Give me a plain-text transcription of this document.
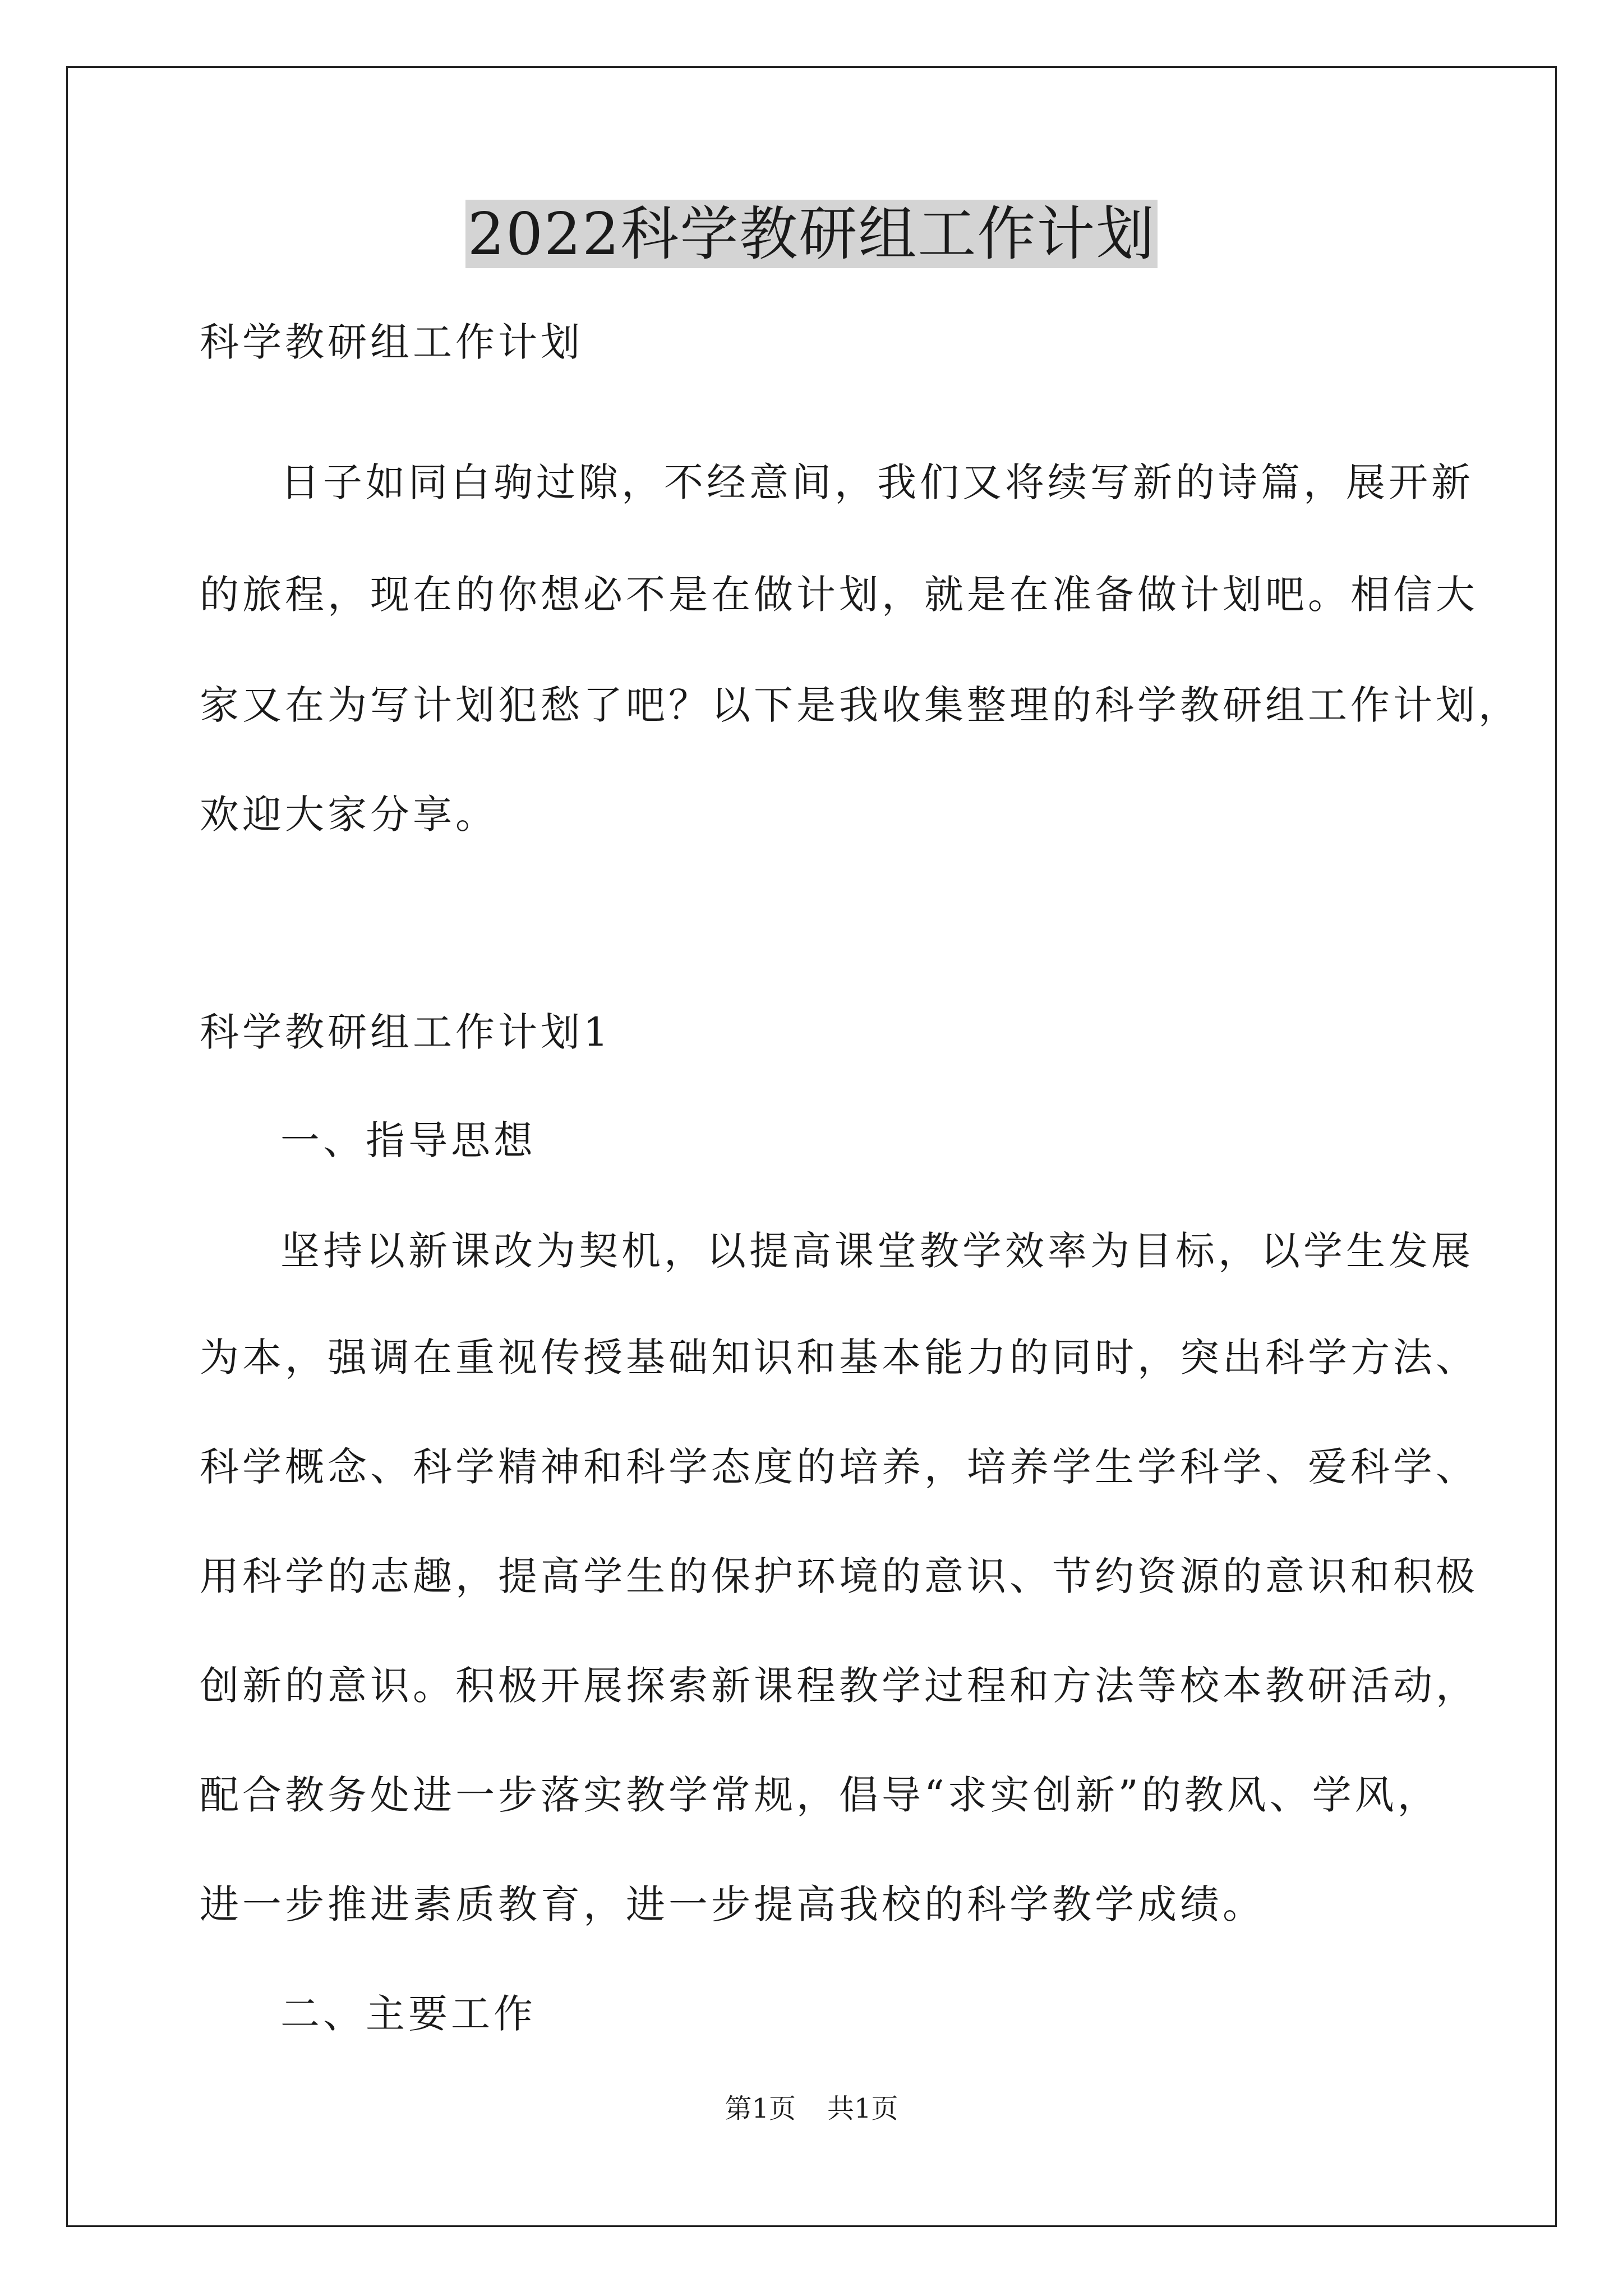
2022科学教研组工作计划
科学教研组工作计划
日子如同白驹过隙，不经意间，我们又将续写新的诗篇，展开新
的旅程，现在的你想必不是在做计划，就是在准备做计划吧。相信大
家又在为写计划犯愁了吧？以下是我收集整理的科学教研组工作计划，
欢迎大家分享。
科学教研组工作计划1
一、指导思想
坚持以新课改为契机，以提高课堂教学效率为目标，以学生发展
为本，强调在重视传授基础知识和基本能力的同时，突出科学方法、
科学概念、科学精神和科学态度的培养，培养学生学科学、爱科学、
用科学的志趣，提高学生的保护环境的意识、节约资源的意识和积极
创新的意识。积极开展探索新课程教学过程和方法等校本教研活动，
配合教务处进一步落实教学常规，倡导“求实创新”的教风、学风，
进一步推进素质教育，进一步提高我校的科学教学成绩。
二、主要工作
第1页 共1页
